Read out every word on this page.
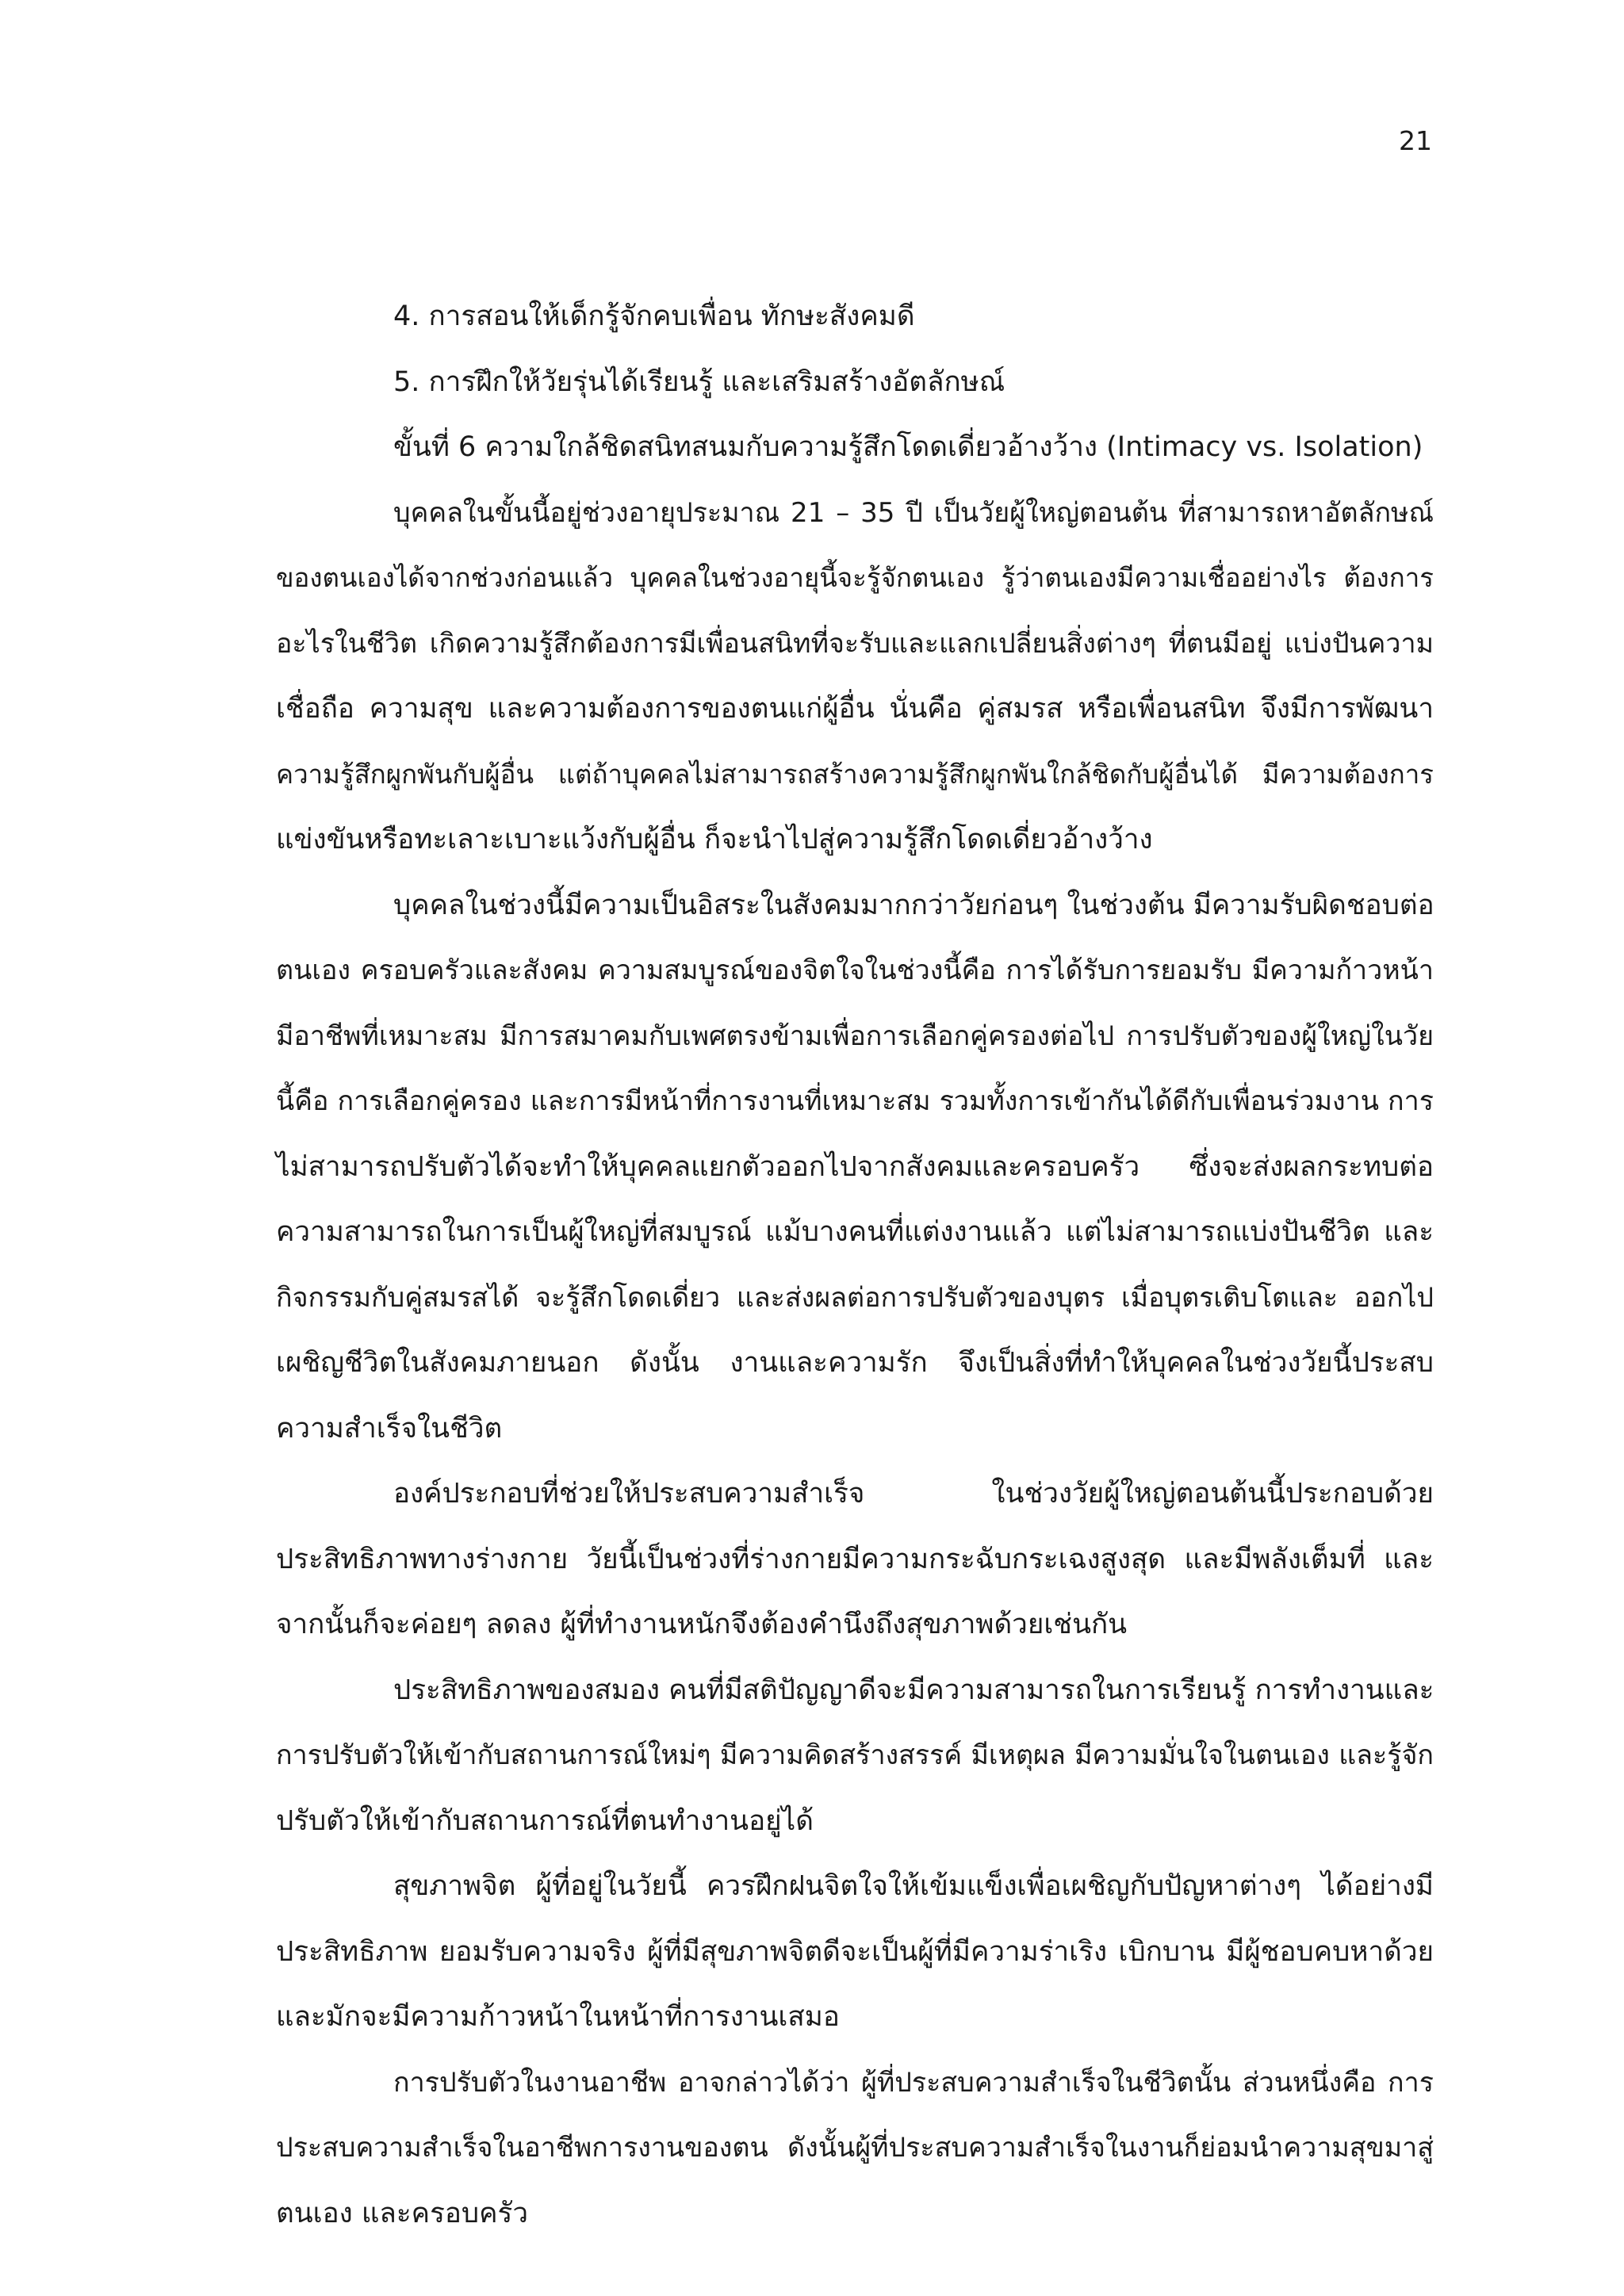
21
4. การสอนให้เด็กรู้จักคบเพื่อน ทักษะสังคมดี
5. การฝึกให้วัยรุ่นได้เรียนรู้ และเสริมสร้างอัตลักษณ์
ขั้นที่ 6 ความใกล้ชิดสนิทสนมกับความรู้สึกโดดเดี่ยวอ้างว้าง (Intimacy vs. Isolation)
บุคคลในขั้นนี้อยู่ช่วงอายุประมาณ 21 – 35 ปี เป็นวัยผู้ใหญ่ตอนต้น ที่สามารถหาอัตลักษณ์
ของตนเองได้จากช่วงก่อนแล้ว บุคคลในช่วงอายุนี้จะรู้จักตนเอง รู้ว่าตนเองมีความเชื่ออย่างไร ต้องการ
อะไรในชีวิต เกิดความรู้สึกต้องการมีเพื่อนสนิทที่จะรับและแลกเปลี่ยนสิ่งต่างๆ ที่ตนมีอยู่ แบ่งปันความ
เชื่อถือ ความสุข และความต้องการของตนแก่ผู้อื่น นั่นคือ คู่สมรส หรือเพื่อนสนิท จึงมีการพัฒนา
ความรู้สึกผูกพันกับผู้อื่น แต่ถ้าบุคคลไม่สามารถสร้างความรู้สึกผูกพันใกล้ชิดกับผู้อื่นได้ มีความต้องการ
แข่งขันหรือทะเลาะเบาะแว้งกับผู้อื่น ก็จะนำไปสู่ความรู้สึกโดดเดี่ยวอ้างว้าง
บุคคลในช่วงนี้มีความเป็นอิสระในสังคมมากกว่าวัยก่อนๆ ในช่วงต้น มีความรับผิดชอบต่อ
ตนเอง ครอบครัวและสังคม ความสมบูรณ์ของจิตใจในช่วงนี้คือ การได้รับการยอมรับ มีความก้าวหน้า
มีอาชีพที่เหมาะสม มีการสมาคมกับเพศตรงข้ามเพื่อการเลือกคู่ครองต่อไป การปรับตัวของผู้ใหญ่ในวัย
นี้คือ การเลือกคู่ครอง และการมีหน้าที่การงานที่เหมาะสม รวมทั้งการเข้ากันได้ดีกับเพื่อนร่วมงาน การ
ไม่สามารถปรับตัวได้จะทำให้บุคคลแยกตัวออกไปจากสังคมและครอบครัว ซึ่งจะส่งผลกระทบต่อ
ความสามารถในการเป็นผู้ใหญ่ที่สมบูรณ์ แม้บางคนที่แต่งงานแล้ว แต่ไม่สามารถแบ่งปันชีวิต และ
กิจกรรมกับคู่สมรสได้ จะรู้สึกโดดเดี่ยว และส่งผลต่อการปรับตัวของบุตร เมื่อบุตรเติบโตและ ออกไป
เผชิญชีวิตในสังคมภายนอก ดังนั้น งานและความรัก จึงเป็นสิ่งที่ทำให้บุคคลในช่วงวัยนี้ประสบ
ความสำเร็จในชีวิต
องค์ประกอบที่ช่วยให้ประสบความสำเร็จ ในช่วงวัยผู้ใหญ่ตอนต้นนี้ประกอบด้วย
ประสิทธิภาพทางร่างกาย วัยนี้เป็นช่วงที่ร่างกายมีความกระฉับกระเฉงสูงสุด และมีพลังเต็มที่ และ
จากนั้นก็จะค่อยๆ ลดลง ผู้ที่ทำงานหนักจึงต้องคำนึงถึงสุขภาพด้วยเช่นกัน
ประสิทธิภาพของสมอง คนที่มีสติปัญญาดีจะมีความสามารถในการเรียนรู้ การทำงานและ
การปรับตัวให้เข้ากับสถานการณ์ใหม่ๆ มีความคิดสร้างสรรค์ มีเหตุผล มีความมั่นใจในตนเอง และรู้จัก
ปรับตัวให้เข้ากับสถานการณ์ที่ตนทำงานอยู่ได้
สุขภาพจิต ผู้ที่อยู่ในวัยนี้ ควรฝึกฝนจิตใจให้เข้มแข็งเพื่อเผชิญกับปัญหาต่างๆ ได้อย่างมี
ประสิทธิภาพ ยอมรับความจริง ผู้ที่มีสุขภาพจิตดีจะเป็นผู้ที่มีความร่าเริง เบิกบาน มีผู้ชอบคบหาด้วย
และมักจะมีความก้าวหน้าในหน้าที่การงานเสมอ
การปรับตัวในงานอาชีพ อาจกล่าวได้ว่า ผู้ที่ประสบความสำเร็จในชีวิตนั้น ส่วนหนึ่งคือ การ
ประสบความสำเร็จในอาชีพการงานของตน ดังนั้นผู้ที่ประสบความสำเร็จในงานก็ย่อมนำความสุขมาสู่
ตนเอง และครอบครัว
